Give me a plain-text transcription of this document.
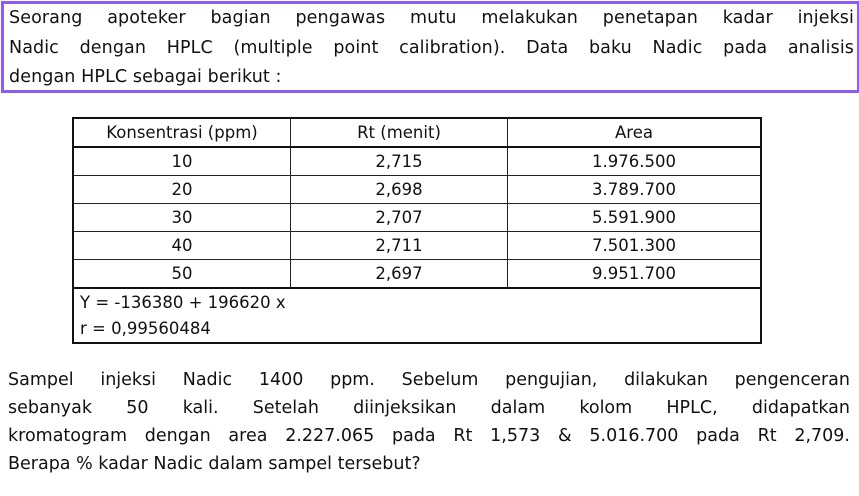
Seorang apoteker bagian pengawas mutu melakukan penetapan kadar injeksi
Nadic dengan HPLC (multiple point calibration). Data baku Nadic pada analisis
dengan HPLC sebagai berikut :
Konsentrasi (ppm)	Rt (menit)	Area
10	2,715	1.976.500
20	2,698	3.789.700
30	2,707	5.591.900
40	2,711	7.501.300
50	2,697	9.951.700
Y = -136380 + 196620 x		
r = 0,99560484		
Sampel injeksi Nadic 1400 ppm. Sebelum pengujian, dilakukan pengenceran
sebanyak 50 kali. Setelah diinjeksikan dalam kolom HPLC, didapatkan
kromatogram dengan area 2.227.065 pada Rt 1,573 & 5.016.700 pada Rt 2,709.
Berapa % kadar Nadic dalam sampel tersebut?
